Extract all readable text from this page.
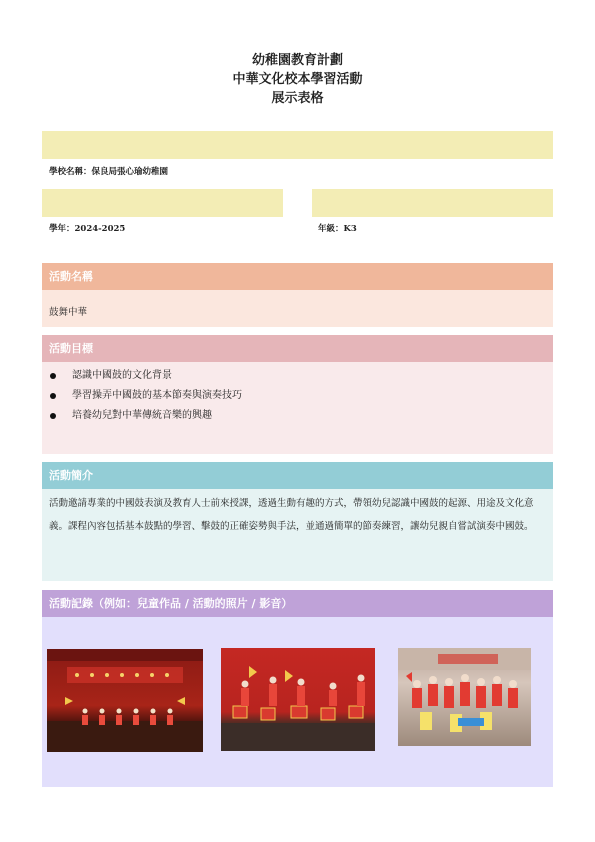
幼稚園教育計劃
中華文化校本學習活動
展示表格
學校名稱：保良局張心瑜幼稚園
學年：2024-2025	年級：K3
活動名稱
鼓舞中華
活動目標
認識中國鼓的文化背景
學習操弄中國鼓的基本節奏與演奏技巧
培養幼兒對中華傳統音樂的興趣
活動簡介
活動邀請專業的中國鼓表演及教育人士前來授課，透過生動有趣的方式，帶領幼兒認識中國鼓的起源、用途及文化意義。課程內容包括基本鼓點的學習、擊鼓的正確姿勢與手法，並通過簡單的節奏練習，讓幼兒親自嘗試演奏中國鼓。
活動記錄（例如：兒童作品 / 活動的照片 / 影音）
